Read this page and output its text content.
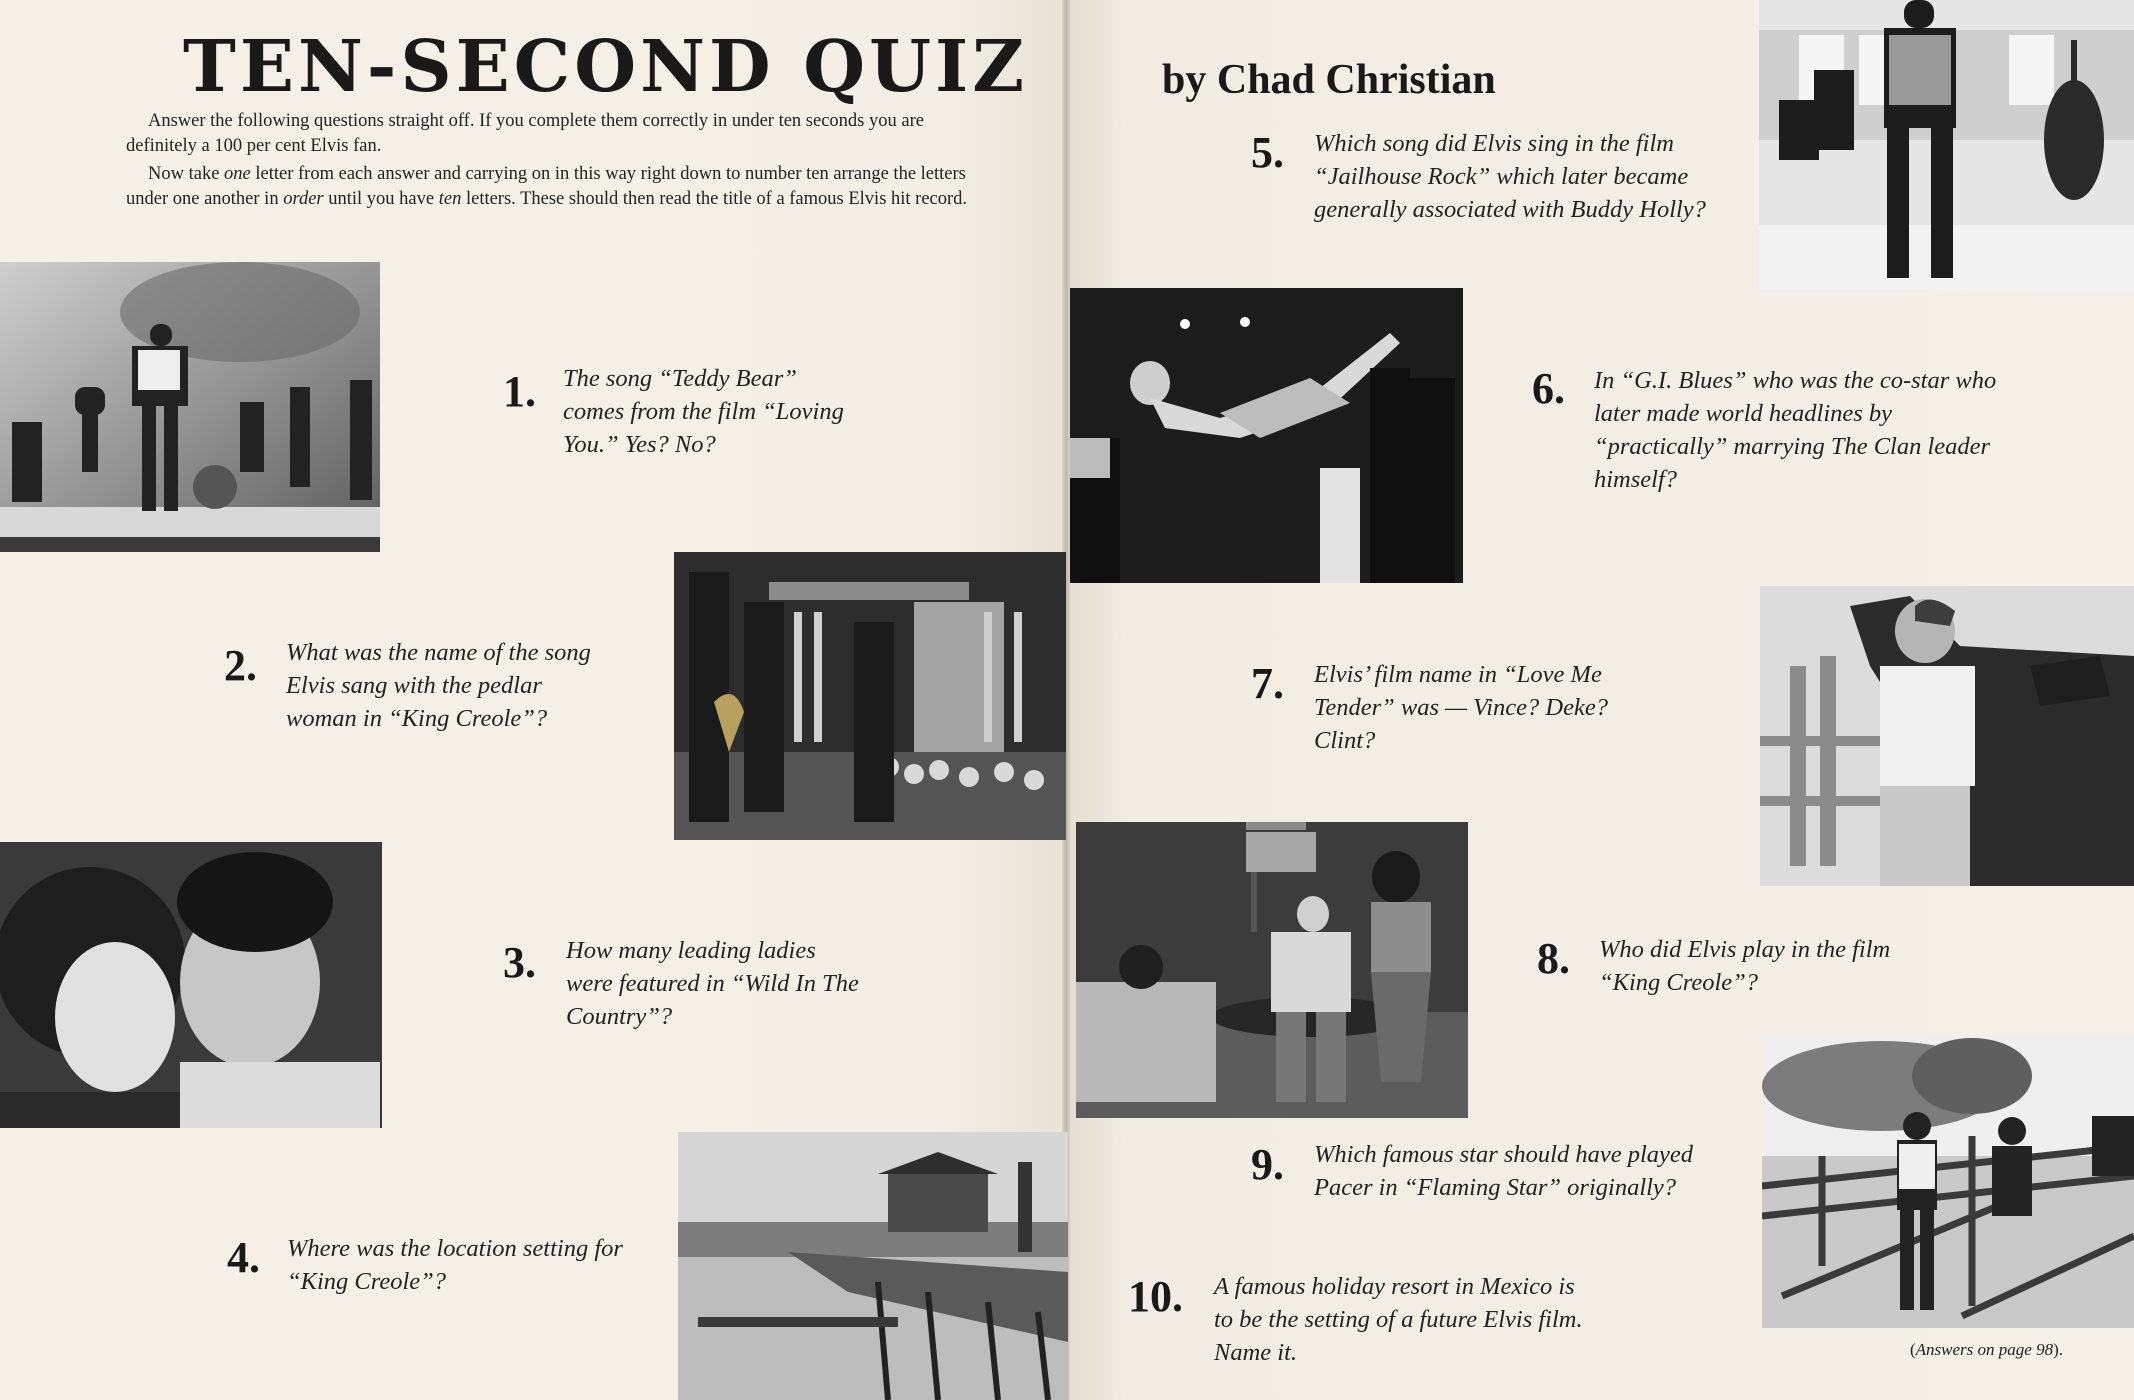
TEN-SECOND QUIZ	by Chad Christian

Answer the following questions straight off. If you complete them correctly in under ten seconds you are definitely a 100 per cent Elvis fan.

Now take one letter from each answer and carrying on in this way right down to number ten arrange the letters under one another in order until you have ten letters. These should then read the title of a famous Elvis hit record.

1. The song “Teddy Bear” comes from the film “Loving You.” Yes? No?

2. What was the name of the song Elvis sang with the pedlar woman in “King Creole”?

3. How many leading ladies were featured in “Wild In The Country”?

4. Where was the location setting for “King Creole”?

5. Which song did Elvis sing in the film “Jailhouse Rock” which later became generally associated with Buddy Holly?

6. In “G.I. Blues” who was the co-star who later made world headlines by “practically” marrying The Clan leader himself?

7. Elvis’ film name in “Love Me Tender” was — Vince? Deke? Clint?

8. Who did Elvis play in the film “King Creole”?

9. Which famous star should have played Pacer in “Flaming Star” originally?

10. A famous holiday resort in Mexico is to be the setting of a future Elvis film. Name it.	(Answers on page 98).
